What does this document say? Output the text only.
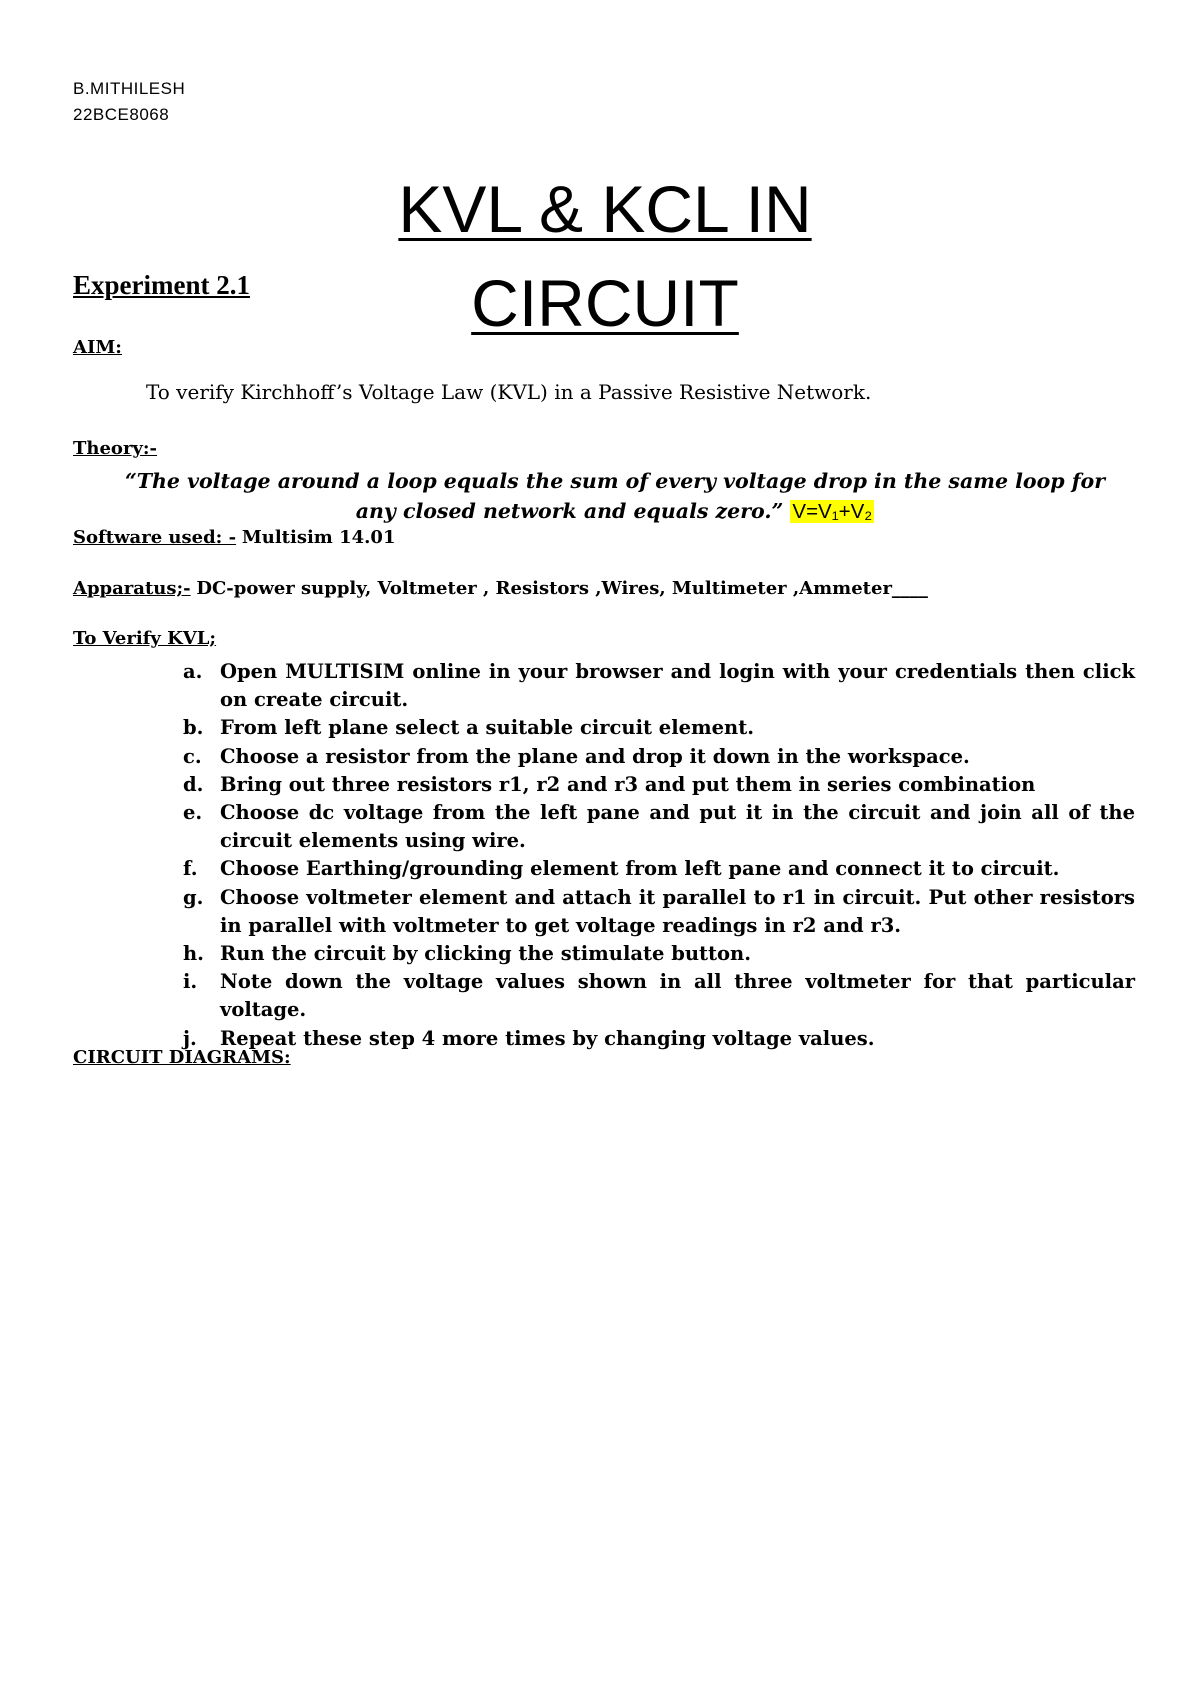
B.MITHILESH
22BCE8068
KVL & KCL IN CIRCUIT
Experiment 2.1
AIM:
To verify Kirchhoff’s Voltage Law (KVL) in a Passive Resistive Network.
Theory:-
“The voltage around a loop equals the sum of every voltage drop in the same loop for any closed network and equals zero.” V=V₁+V₂
Software used: - Multisim 14.01
Apparatus;- DC-power supply, Voltmeter , Resistors ,Wires, Multimeter ,Ammeter____
To Verify KVL;
a. Open MULTISIM online in your browser and login with your credentials then click on create circuit.
b. From left plane select a suitable circuit element.
c. Choose a resistor from the plane and drop it down in the workspace.
d. Bring out three resistors r1, r2 and r3 and put them in series combination
e. Choose dc voltage from the left pane and put it in the circuit and join all of the circuit elements using wire.
f. Choose Earthing/grounding element from left pane and connect it to circuit.
g. Choose voltmeter element and attach it parallel to r1 in circuit. Put other resistors in parallel with voltmeter to get voltage readings in r2 and r3.
h. Run the circuit by clicking the stimulate button.
i. Note down the voltage values shown in all three voltmeter for that particular voltage.
j. Repeat these step 4 more times by changing voltage values.
CIRCUIT DIAGRAMS:
